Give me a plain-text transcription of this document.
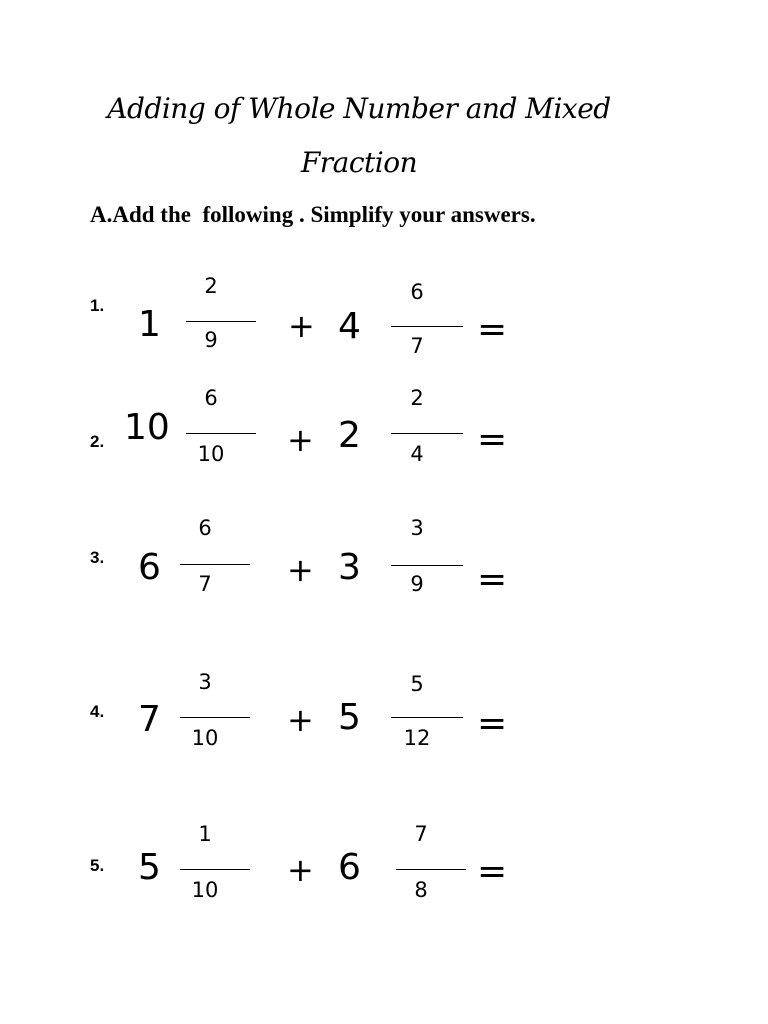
Adding of Whole Number and Mixed
Fraction
A.Add the  following . Simplify your answers.
1. 1
2
9	+ 4
6
7	=
2. 10
6
10	+ 2
2
4	=
3. 6
6
7	+ 3
3
9	=
4. 7
3
10	+ 5
5
12	=
5. 5
1
10
+ 6
7
8	=
